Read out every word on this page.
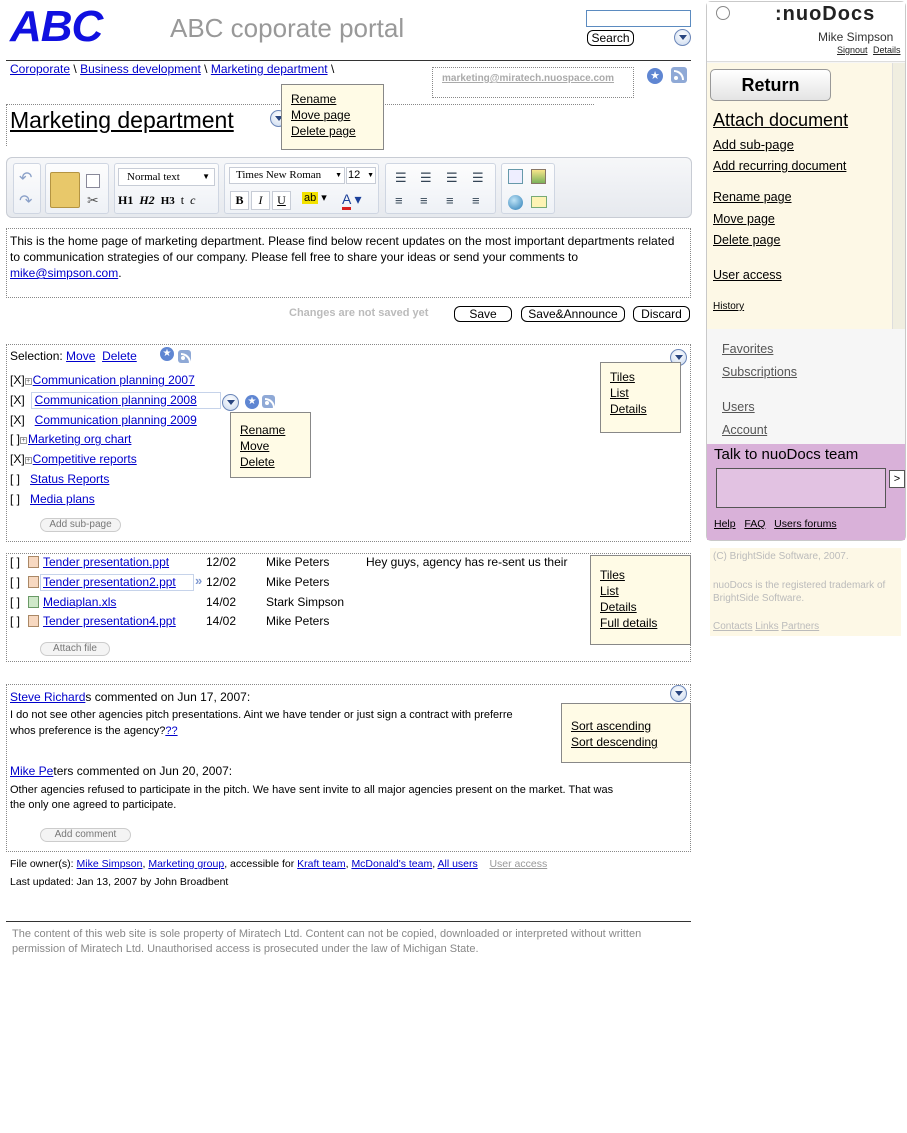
ABC	ABC coporate portal	Search
Coroporate \ Business development \ Marketing department \
marketing@miratech.nuospace.com	★
Marketing department
Rename
Move page
Delete page
↶
↷	✂
Normal text	▼
H1 H2 H3 t c
Times New Roman ▼ 12 ▼
B	I	U	ab ▾	A ▾
☰ ☰ ☰ ☰
≡ ≡ ≡ ≡
This is the home page of marketing department. Please find below recent updates on the most important departments related to communication strategies of our company. Please fell free to share your ideas or send your comments to mike@simpson.com.
Changes are not saved yet	Save	Save&Announce	Discard
Selection: Move Delete	★
[X]+ Communication planning 2007
[X] Communication planning 2008
[X] Communication planning 2009
[ ]+ Marketing org chart
[X]+ Competitive reports
[ ] Status Reports
[ ] Media plans
★
Rename
Move
Delete
Tiles
List
Details
Add sub-page
[ ] Tender presentation.ppt	12/02 Mike Peters	Hey guys, agency has re-sent us their
[ ] Tender presentation2.ppt	12/02 Mike Peters
[ ] Mediaplan.xls	14/02 Stark Simpson
[ ] Tender presentation4.ppt	14/02 Mike Peters
»	Tiles
List
Details
Full details
Attach file
Steve Richards commented on Jun 17, 2007:
I do not see other agencies pitch presentations. Aint we have tender or just sign a contract with preferre
whos preference is the agency???
Mike Peters commented on Jun 20, 2007:
Other agencies refused to participate in the pitch. We have sent invite to all major agencies present on the market. That was
the only one agreed to participate.
Sort ascending
Sort descending
Add comment
File owner(s): Mike Simpson, Marketing group, accessible for Kraft team, McDonald's team, All users User access
Last updated: Jan 13, 2007 by John Broadbent
The content of this web site is sole property of Miratech Ltd. Content can not be copied, downloaded or interpreted without written permission of Miratech Ltd. Unauthorised access is prosecuted under the law of Michigan State.
:nuoDocs
Mike Simpson
Signout Details
Return
Attach document
Add sub-page
Add recurring document
Rename page
Move page
Delete page
User access
History
Favorites
Subscriptions
Users
Account
Talk to nuoDocs team
>
Help FAQ Users forums
(C) BrightSide Software, 2007.
nuoDocs is the registered trademark of BrightSide Software.
Contacts Links Partners
